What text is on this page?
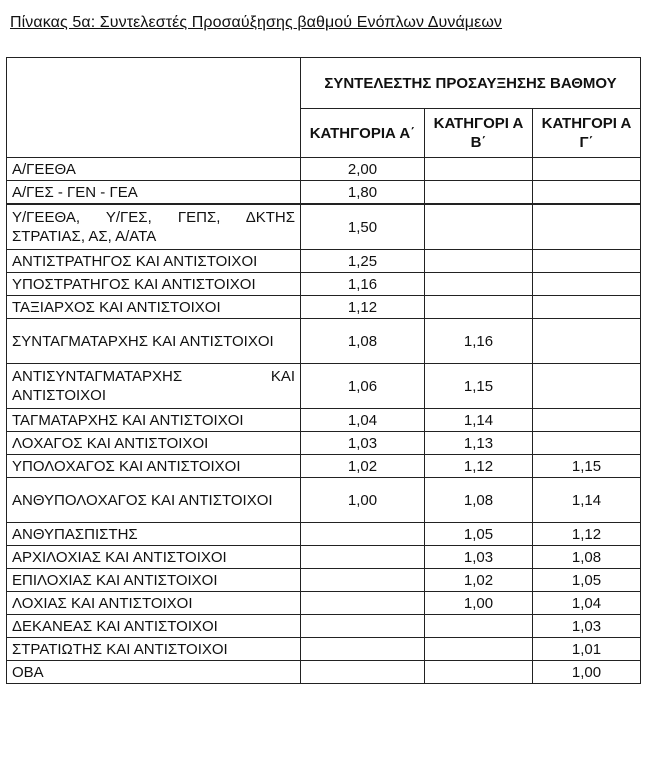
Πίνακας 5α: Συντελεστές Προσαύξησης βαθμού Ενόπλων Δυνάμεων
	ΣΥΝΤΕΛΕΣΤΗΣ ΠΡΟΣΑΥΞΗΣΗΣ ΒΑΘΜΟΥ		
	ΚΑΤΗΓΟΡΙΑ Α΄	ΚΑΤΗΓΟΡΙ Α Β΄	ΚΑΤΗΓΟΡΙ Α Γ΄
Α/ΓΕΕΘΑ	2,00		
Α/ΓΕΣ - ΓΕΝ - ΓΕΑ	1,80		
Υ/ΓΕΕΘΑ, Υ/ΓΕΣ, ΓΕΠΣ, ΔΚΤΗΣ ΣΤΡΑΤΙΑΣ, ΑΣ, Α/ΑΤΑ	1,50		
ΑΝΤΙΣΤΡΑΤΗΓΟΣ ΚΑΙ ΑΝΤΙΣΤΟΙΧΟΙ	1,25		
ΥΠΟΣΤΡΑΤΗΓΟΣ ΚΑΙ ΑΝΤΙΣΤΟΙΧΟΙ	1,16		
ΤΑΞΙΑΡΧΟΣ ΚΑΙ ΑΝΤΙΣΤΟΙΧΟΙ	1,12		
ΣΥΝΤΑΓΜΑΤΑΡΧΗΣ ΚΑΙ ΑΝΤΙΣΤΟΙΧΟΙ	1,08	1,16	
ΑΝΤΙΣΥΝΤΑΓΜΑΤΑΡΧΗΣ ΚΑΙ ΑΝΤΙΣΤΟΙΧΟΙ	1,06	1,15	
ΤΑΓΜΑΤΑΡΧΗΣ ΚΑΙ ΑΝΤΙΣΤΟΙΧΟΙ	1,04	1,14	
ΛΟΧΑΓΟΣ ΚΑΙ ΑΝΤΙΣΤΟΙΧΟΙ	1,03	1,13	
ΥΠΟΛΟΧΑΓΟΣ ΚΑΙ ΑΝΤΙΣΤΟΙΧΟΙ	1,02	1,12	1,15
ΑΝΘΥΠΟΛΟΧΑΓΟΣ ΚΑΙ ΑΝΤΙΣΤΟΙΧΟΙ	1,00	1,08	1,14
ΑΝΘΥΠΑΣΠΙΣΤΗΣ		1,05	1,12
ΑΡΧΙΛΟΧΙΑΣ ΚΑΙ ΑΝΤΙΣΤΟΙΧΟΙ		1,03	1,08
ΕΠΙΛΟΧΙΑΣ ΚΑΙ ΑΝΤΙΣΤΟΙΧΟΙ		1,02	1,05
ΛΟΧΙΑΣ ΚΑΙ ΑΝΤΙΣΤΟΙΧΟΙ		1,00	1,04
ΔΕΚΑΝΕΑΣ ΚΑΙ ΑΝΤΙΣΤΟΙΧΟΙ			1,03
ΣΤΡΑΤΙΩΤΗΣ ΚΑΙ ΑΝΤΙΣΤΟΙΧΟΙ			1,01
ΟΒΑ			1,00
